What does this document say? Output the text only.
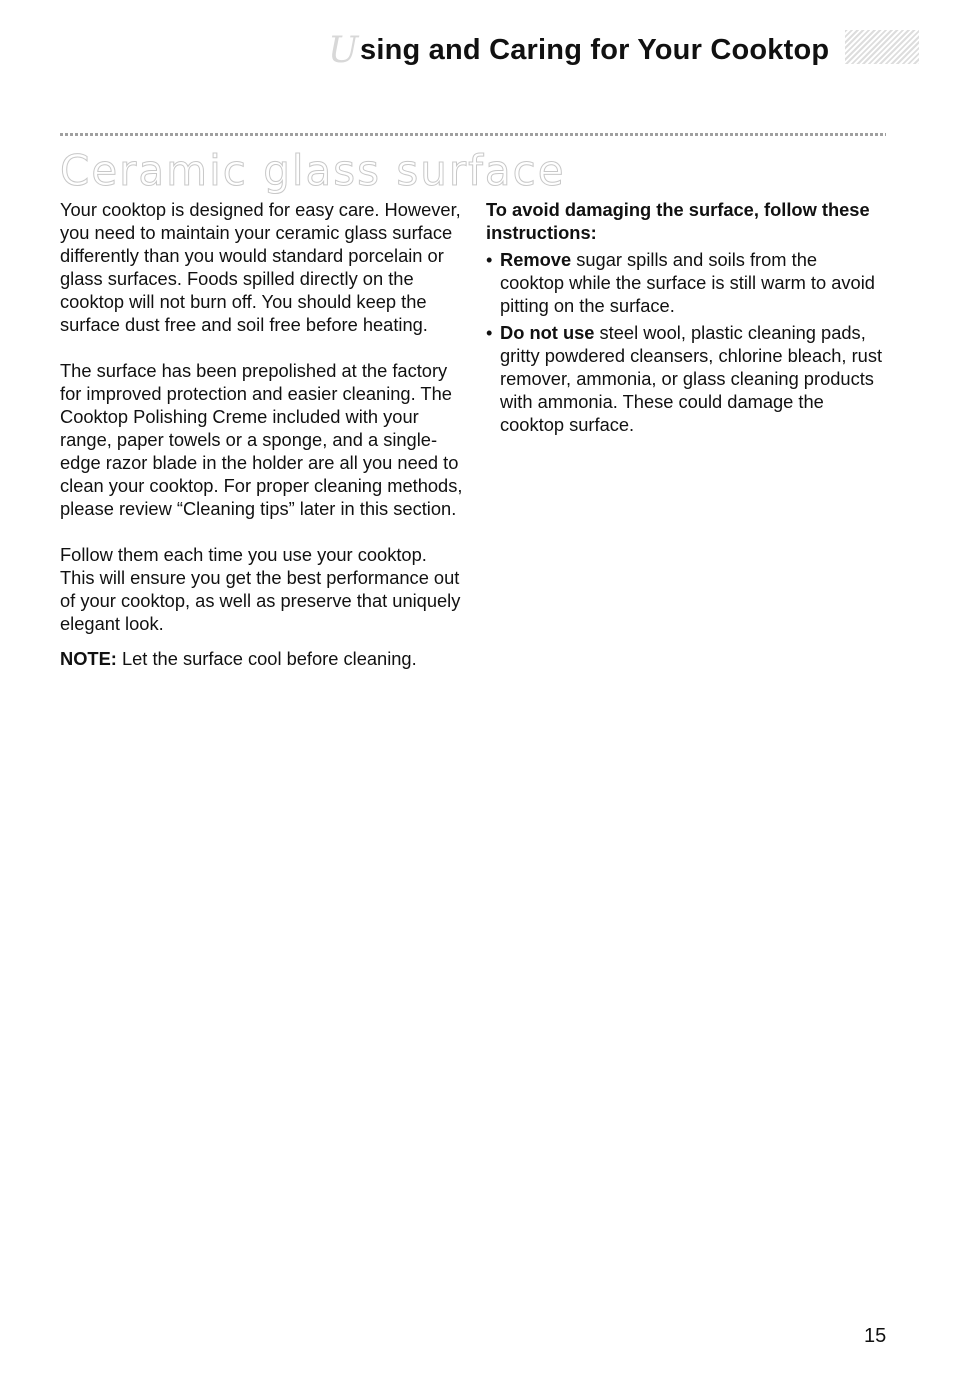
U sing and Caring for Your Cooktop
Ceramic glass surface

Your cooktop is designed for easy care. However, you need to maintain your ceramic glass surface differently than you would standard porcelain or glass surfaces. Foods spilled directly on the cooktop will not burn off. You should keep the surface dust free and soil free before heating.

The surface has been prepolished at the factory for improved protection and easier cleaning. The Cooktop Polishing Creme included with your range, paper towels or a sponge, and a single-edge razor blade in the holder are all you need to clean your cooktop. For proper cleaning methods, please review “Cleaning tips” later in this section.

Follow them each time you use your cooktop. This will ensure you get the best performance out of your cooktop, as well as preserve that uniquely elegant look.

NOTE: Let the surface cool before cleaning.

To avoid damaging the surface, follow these instructions:

• Remove sugar spills and soils from the cooktop while the surface is still warm to avoid pitting on the surface.

• Do not use steel wool, plastic cleaning pads, gritty powdered cleansers, chlorine bleach, rust remover, ammonia, or glass cleaning products with ammonia. These could damage the cooktop surface.

15
